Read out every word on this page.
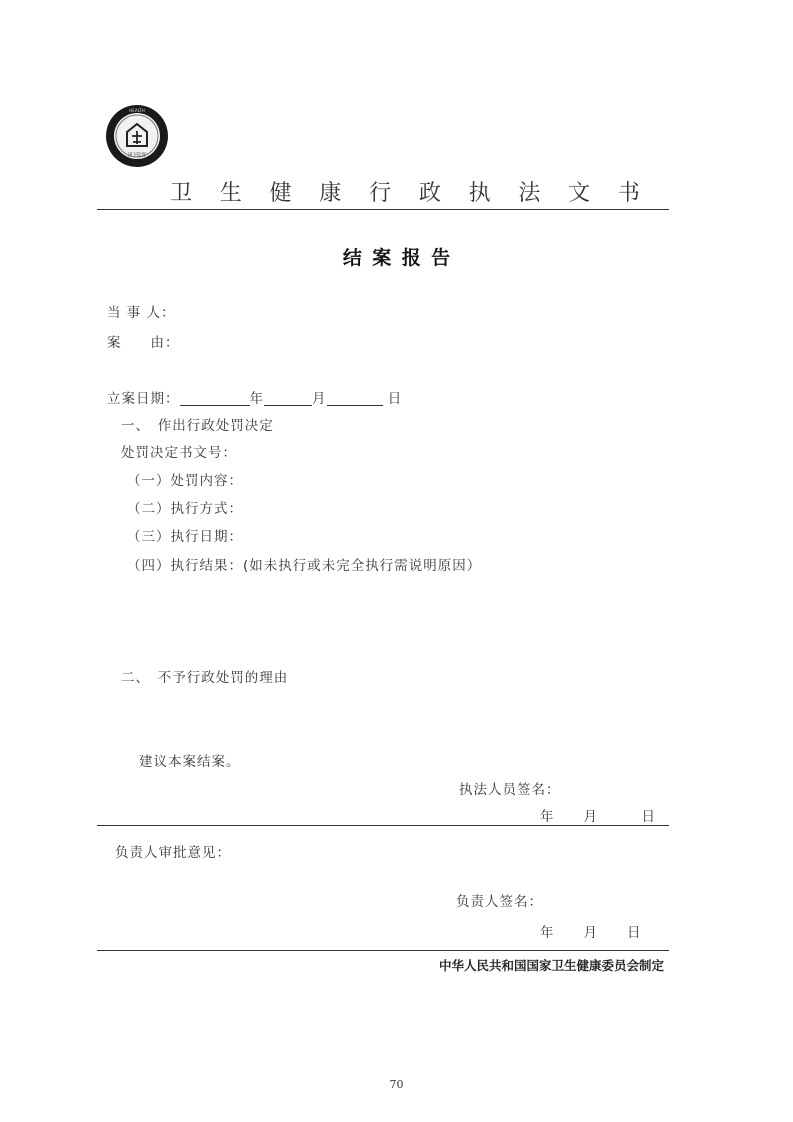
国卫监督
HEALTH
卫 生 健 康 行 政 执 法 文 书
结案报告
当 事 人：
案　　由：
立案日期：	年	月	日
一、　作出行政处罚决定
处罚决定书文号：
（一）处罚内容：
（二）执行方式：
（三）执行日期：
（四）执行结果：(如未执行或未完全执行需说明原因）
二、　不予行政处罚的理由
建议本案结案。
执法人员签名：
年　　月　　　日
负责人审批意见：
负责人签名：
年　　月　　日
中华人民共和国国家卫生健康委员会制定
70
